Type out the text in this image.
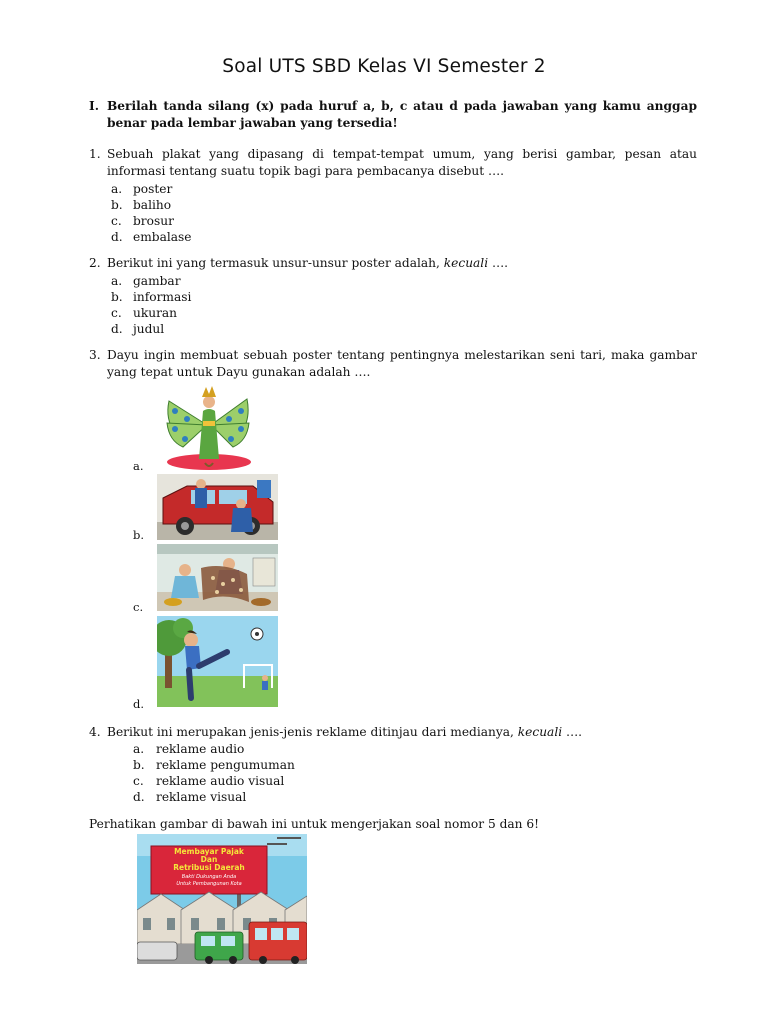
Soal UTS SBD Kelas VI Semester 2
I. Berilah tanda silang (x) pada huruf a, b, c atau d pada jawaban yang kamu anggap benar pada lembar jawaban yang tersedia!
1. Sebuah plakat yang dipasang di tempat-tempat umum, yang berisi gambar, pesan atau informasi tentang suatu topik bagi para pembacanya disebut ….
a. poster
b. baliho
c. brosur
d. embalase
2. Berikut ini yang termasuk unsur-unsur poster adalah, kecuali ….
a. gambar
b. informasi
c. ukuran
d. judul
3. Dayu ingin membuat sebuah poster tentang pentingnya melestarikan seni tari, maka gambar yang tepat untuk Dayu gunakan adalah ….
a.
b.
c.
d.
4. Berikut ini merupakan jenis-jenis reklame ditinjau dari medianya, kecuali ….
a. reklame audio
b. reklame pengumuman
c. reklame audio visual
d. reklame visual
Perhatikan gambar di bawah ini untuk mengerjakan soal nomor 5 dan 6!
Membayar Pajak
Dan
Retribusi Daerah
Bakti Dukungan Anda
Untuk Pembangunan Kota
